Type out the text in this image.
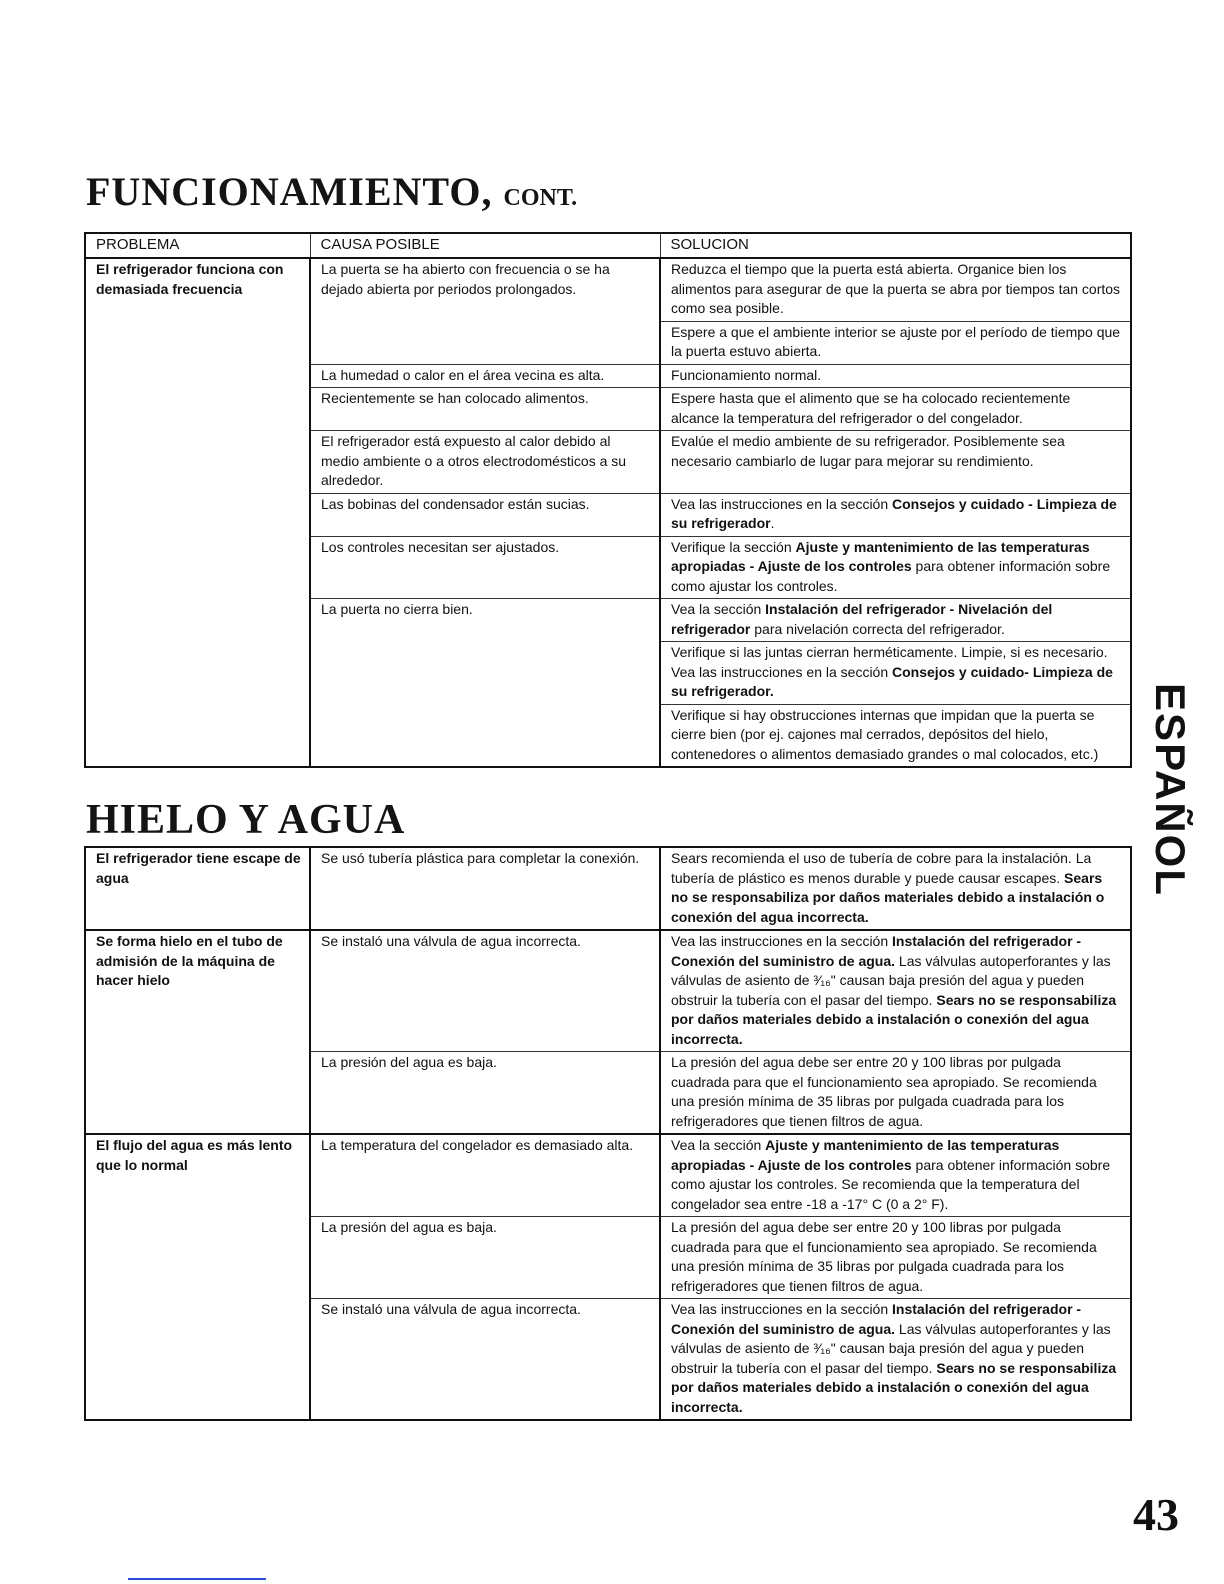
FUNCIONAMIENTO, CONT.
PROBLEMA	CAUSA POSIBLE	SOLUCION
El refrigerador funciona con demasiada frecuencia	La puerta se ha abierto con frecuencia o se ha dejado abierta por periodos prolongados.	Reduzca el tiempo que la puerta está abierta. Organice bien los alimentos para asegurar de que la puerta se abra por tiempos tan cortos como sea posible.
		Espere a que el ambiente interior se ajuste por el período de tiempo que la puerta estuvo abierta.
	La humedad o calor en el área vecina es alta.	Funcionamiento normal.
	Recientemente se han colocado alimentos.	Espere hasta que el alimento que se ha colocado recientemente alcance la temperatura del refrigerador o del congelador.
	El refrigerador está expuesto al calor debido al medio ambiente o a otros electrodomésticos a su alrededor.	Evalúe el medio ambiente de su refrigerador. Posiblemente sea necesario cambiarlo de lugar para mejorar su rendimiento.
	Las bobinas del condensador están sucias.	Vea las instrucciones en la sección Consejos y cuidado - Limpieza de su refrigerador.
	Los controles necesitan ser ajustados.	Verifique la sección Ajuste y mantenimiento de las temperaturas apropiadas - Ajuste de los controles para obtener información sobre como ajustar los controles.
	La puerta no cierra bien.	Vea la sección Instalación del refrigerador - Nivelación del refrigerador para nivelación correcta del refrigerador.
		Verifique si las juntas cierran herméticamente. Limpie, si es necesario. Vea las instrucciones en la sección Consejos y cuidado- Limpieza de su refrigerador.
		Verifique si hay obstrucciones internas que impidan que la puerta se cierre bien (por ej. cajones mal cerrados, depósitos del hielo, contenedores o alimentos demasiado grandes o mal colocados, etc.)
HIELO Y AGUA
El refrigerador tiene escape de agua	Se usó tubería plástica para completar la conexión.	Sears recomienda el uso de tubería de cobre para la instalación. La tubería de plástico es menos durable y puede causar escapes. Sears no se responsabiliza por daños materiales debido a instalación o conexión del agua incorrecta.
Se forma hielo en el tubo de admisión de la máquina de hacer hielo	Se instaló una válvula de agua incorrecta.	Vea las instrucciones en la sección Instalación del refrigerador - Conexión del suministro de agua. Las válvulas autoperforantes y las válvulas de asiento de ³⁄₁₆" causan baja presión del agua y pueden obstruir la tubería con el pasar del tiempo. Sears no se responsabiliza por daños materiales debido a instalación o conexión del agua incorrecta.
	La presión del agua es baja.	La presión del agua debe ser entre 20 y 100 libras por pulgada cuadrada para que el funcionamiento sea apropiado. Se recomienda una presión mínima de 35 libras por pulgada cuadrada para los refrigeradores que tienen filtros de agua.
El flujo del agua es más lento que lo normal	La temperatura del congelador es demasiado alta.	Vea la sección Ajuste y mantenimiento de las temperaturas apropiadas - Ajuste de los controles para obtener información sobre como ajustar los controles. Se recomienda que la temperatura del congelador sea entre -18 a -17° C (0 a 2° F).
	La presión del agua es baja.	La presión del agua debe ser entre 20 y 100 libras por pulgada cuadrada para que el funcionamiento sea apropiado. Se recomienda una presión mínima de 35 libras por pulgada cuadrada para los refrigeradores que tienen filtros de agua.
	Se instaló una válvula de agua incorrecta.	Vea las instrucciones en la sección Instalación del refrigerador - Conexión del suministro de agua. Las válvulas autoperforantes y las válvulas de asiento de ³⁄₁₆" causan baja presión del agua y pueden obstruir la tubería con el pasar del tiempo. Sears no se responsabiliza por daños materiales debido a instalación o conexión del agua incorrecta.
ESPAÑOL
43
